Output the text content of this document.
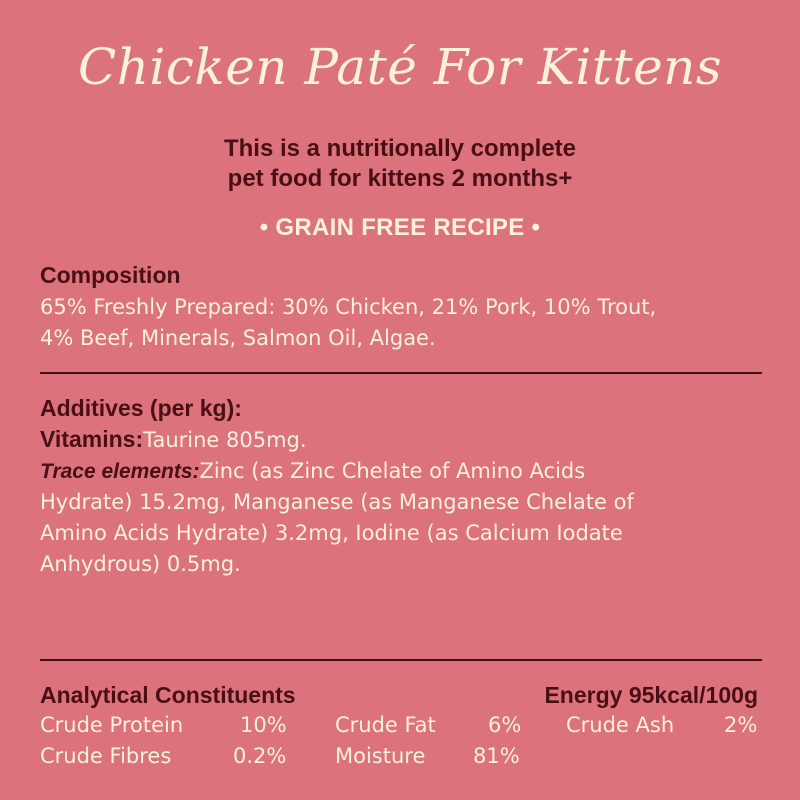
Chicken Paté For Kittens
This is a nutritionally complete
pet food for kittens 2 months+
• GRAIN FREE RECIPE •
Composition
65% Freshly Prepared: 30% Chicken, 21% Pork, 10% Trout,
4% Beef, Minerals, Salmon Oil, Algae.
Additives (per kg):
Vitamins:Taurine 805mg.
Trace elements:Zinc (as Zinc Chelate of Amino Acids
Hydrate) 15.2mg, Manganese (as Manganese Chelate of
Amino Acids Hydrate) 3.2mg, Iodine (as Calcium Iodate
Anhydrous) 0.5mg.
Analytical Constituents	Energy 95kcal/100g
Crude Protein	10% Crude Fat 6% Crude Ash 2%
Crude Fibres	0.2% Moisture 81%
